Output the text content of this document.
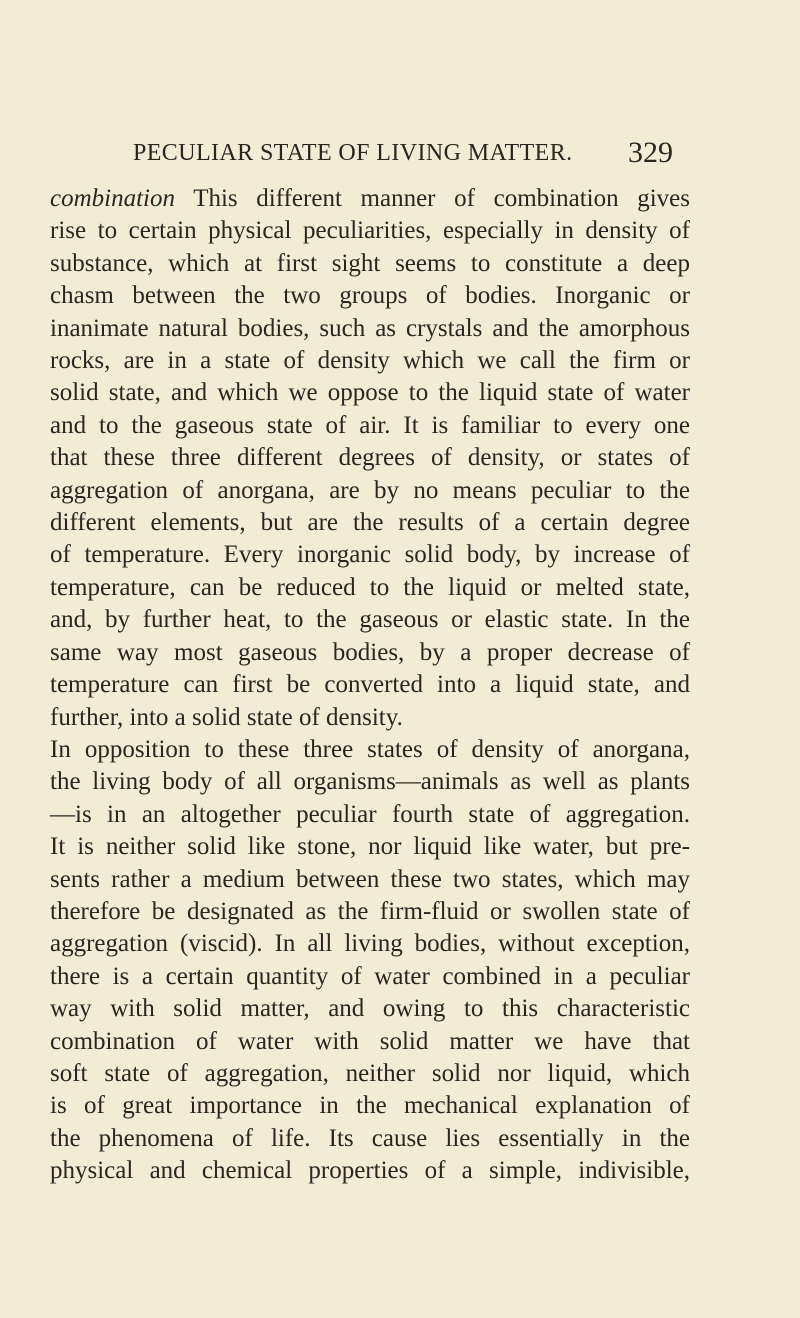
PECULIAR STATE OF LIVING MATTER. 329
combination This different manner of combination gives
rise to certain physical peculiarities, especially in density of
substance, which at first sight seems to constitute a deep
chasm between the two groups of bodies. Inorganic or
inanimate natural bodies, such as crystals and the amorphous
rocks, are in a state of density which we call the firm or
solid state, and which we oppose to the liquid state of water
and to the gaseous state of air. It is familiar to every one
that these three different degrees of density, or states of
aggregation of anorgana, are by no means peculiar to the
different elements, but are the results of a certain degree
of temperature. Every inorganic solid body, by increase of
temperature, can be reduced to the liquid or melted state,
and, by further heat, to the gaseous or elastic state. In the
same way most gaseous bodies, by a proper decrease of
temperature can first be converted into a liquid state, and
further, into a solid state of density.
In opposition to these three states of density of anorgana,
the living body of all organisms—animals as well as plants
—is in an altogether peculiar fourth state of aggregation.
It is neither solid like stone, nor liquid like water, but pre-
sents rather a medium between these two states, which may
therefore be designated as the firm-fluid or swollen state of
aggregation (viscid). In all living bodies, without exception,
there is a certain quantity of water combined in a peculiar
way with solid matter, and owing to this characteristic
combination of water with solid matter we have that
soft state of aggregation, neither solid nor liquid, which
is of great importance in the mechanical explanation of
the phenomena of life. Its cause lies essentially in the
physical and chemical properties of a simple, indivisible,
